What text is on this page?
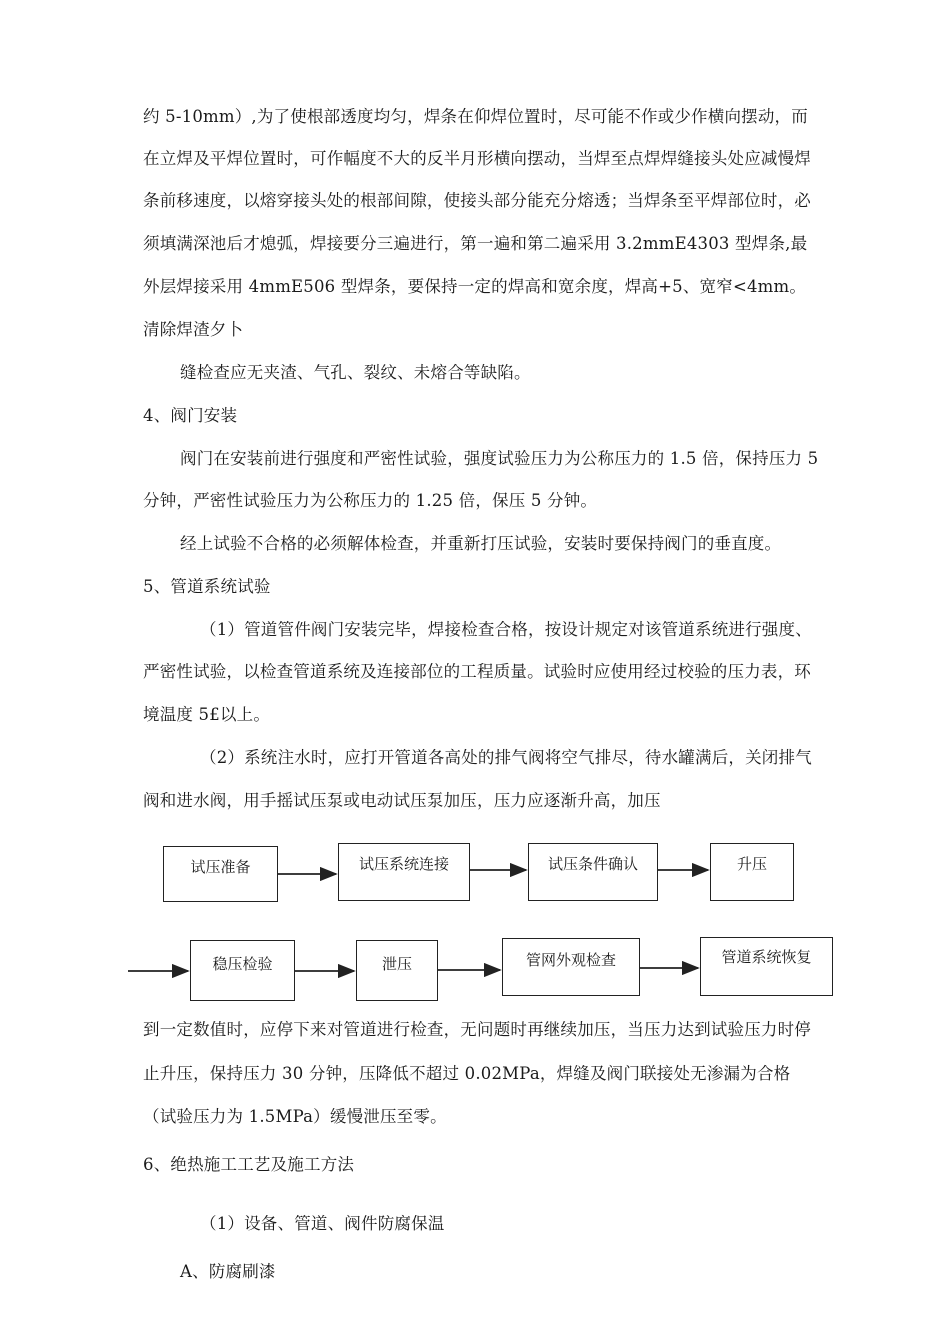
约 5-10mm）,为了使根部透度均匀，焊条在仰焊位置时，尽可能不作或少作横向摆动，而
在立焊及平焊位置时，可作幅度不大的反半月形横向摆动，当焊至点焊焊缝接头处应减慢焊
条前移速度，以熔穿接头处的根部间隙，使接头部分能充分熔透；当焊条至平焊部位时，必
须填满深池后才熄弧，焊接要分三遍进行，第一遍和第二遍采用 3.2mmE4303 型焊条,最
外层焊接采用 4mmE506 型焊条，要保持一定的焊高和宽余度，焊高+5、宽窄<4mm。
清除焊渣夕卜
缝检查应无夹渣、气孔、裂纹、未熔合等缺陷。
4、阀门安装
阀门在安装前进行强度和严密性试验，强度试验压力为公称压力的 1.5 倍，保持压力 5
分钟，严密性试验压力为公称压力的 1.25 倍，保压 5 分钟。
经上试验不合格的必须解体检查，并重新打压试验，安装时要保持阀门的垂直度。
5、管道系统试验
（1）管道管件阀门安装完毕，焊接检查合格，按设计规定对该管道系统进行强度、
严密性试验，以检查管道系统及连接部位的工程质量。试验时应使用经过校验的压力表，环
境温度 5£以上。
（2）系统注水时，应打开管道各高处的排气阀将空气排尽，待水罐满后，关闭排气
阀和进水阀，用手摇试压泵或电动试压泵加压，压力应逐渐升高，加压
试压准备	试压系统连接	试压条件确认	升压
稳压检验	泄压	管网外观检查	管道系统恢复
到一定数值时，应停下来对管道进行检查，无问题时再继续加压，当压力达到试验压力时停
止升压，保持压力 30 分钟，压降低不超过 0.02MPa，焊缝及阀门联接处无渗漏为合格
（试验压力为 1.5MPa）缓慢泄压至零。
6、绝热施工工艺及施工方法
（1）设备、管道、阀件防腐保温
A、防腐刷漆
